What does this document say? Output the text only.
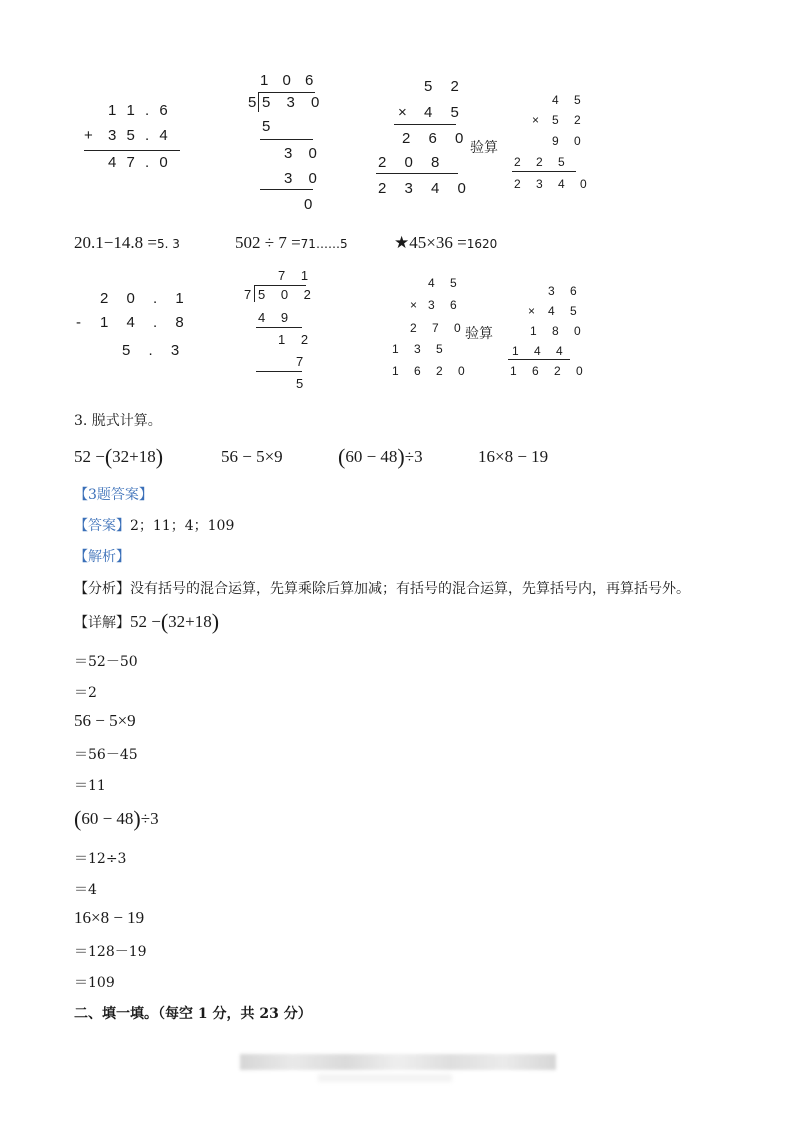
1 1 . 6
+ 3 5 . 4
4 7 . 0
1 0 6
5 5 3 0
5
3 0
3 0
0
5 2
× 4 5
2 6 0
2 0 8
2 3 4 0
验算
4 5
× 5 2
9 0
2 2 5
2 3 4 0
20.1−14.8 =5. 3	502 ÷ 7 =71……5	★45×36 =1620
2 0 . 1
- 1 4 . 8
5 . 3
7 1
7 5 0 2
4 9
1 2
7
5
4 5
× 3 6
2 7 0
1 3 5
1 6 2 0
验算
3 6
× 4 5
1 8 0
1 4 4
1 6 2 0
3. 脱式计算。
52 −(32+18)	56 − 5×9	(60 − 48)÷3	16×8 − 19
【3题答案】
【答案】2；11；4；109
【解析】
【分析】没有括号的混合运算，先算乘除后算加减；有括号的混合运算，先算括号内，再算括号外。
【详解】52 −(32+18)
＝52－50
＝2
56 − 5×9
＝56－45
＝11
(60 − 48)÷3
＝12÷3
＝4
16×8 − 19
＝128－19
＝109
二、填一填。（每空 1 分，共 23 分）
